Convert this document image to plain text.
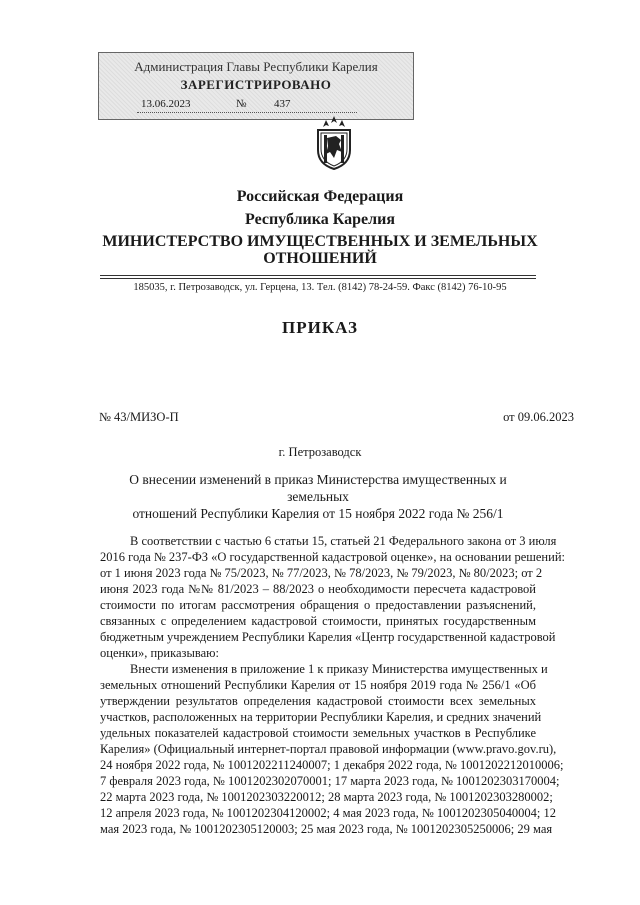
Администрация Главы Республики Карелия
ЗАРЕГИСТРИРОВАНО
13.06.2023	№	437
Российская Федерация
Республика Карелия
МИНИСТЕРСТВО ИМУЩЕСТВЕННЫХ И ЗЕМЕЛЬНЫХ
ОТНОШЕНИЙ
185035, г. Петрозаводск, ул. Герцена, 13. Тел. (8142) 78-24-59. Факс (8142) 76-10-95
ПРИКАЗ
№ 43/МИЗО-П	от 09.06.2023
г. Петрозаводск
О внесении изменений в приказ Министерства имущественных и земельных
отношений Республики Карелия от 15 ноября 2022 года № 256/1
В соответствии с частью 6 статьи 15, статьей 21 Федерального закона от 3 июля
2016 года № 237-ФЗ «О государственной кадастровой оценке», на основании решений:
от 1 июня 2023 года № 75/2023, № 77/2023, № 78/2023, № 79/2023, № 80/2023; от 2
июня 2023 года №№ 81/2023 – 88/2023 о необходимости пересчета кадастровой
стоимости по итогам рассмотрения обращения о предоставлении разъяснений,
связанных с определением кадастровой стоимости, принятых государственным
бюджетным учреждением Республики Карелия «Центр государственной кадастровой
оценки», приказываю:
Внести изменения в приложение 1 к приказу Министерства имущественных и
земельных отношений Республики Карелия от 15 ноября 2019 года № 256/1 «Об
утверждении результатов определения кадастровой стоимости всех земельных
участков, расположенных на территории Республики Карелия, и средних значений
удельных показателей кадастровой стоимости земельных участков в Республике
Карелия» (Официальный интернет-портал правовой информации (www.pravo.gov.ru),
24 ноября 2022 года, № 1001202211240007; 1 декабря 2022 года, № 1001202212010006;
7 февраля 2023 года, № 1001202302070001; 17 марта 2023 года, № 1001202303170004;
22 марта 2023 года, № 1001202303220012; 28 марта 2023 года, № 1001202303280002;
12 апреля 2023 года, № 1001202304120002; 4 мая 2023 года, № 1001202305040004; 12
мая 2023 года, № 1001202305120003; 25 мая 2023 года, № 1001202305250006; 29 мая
